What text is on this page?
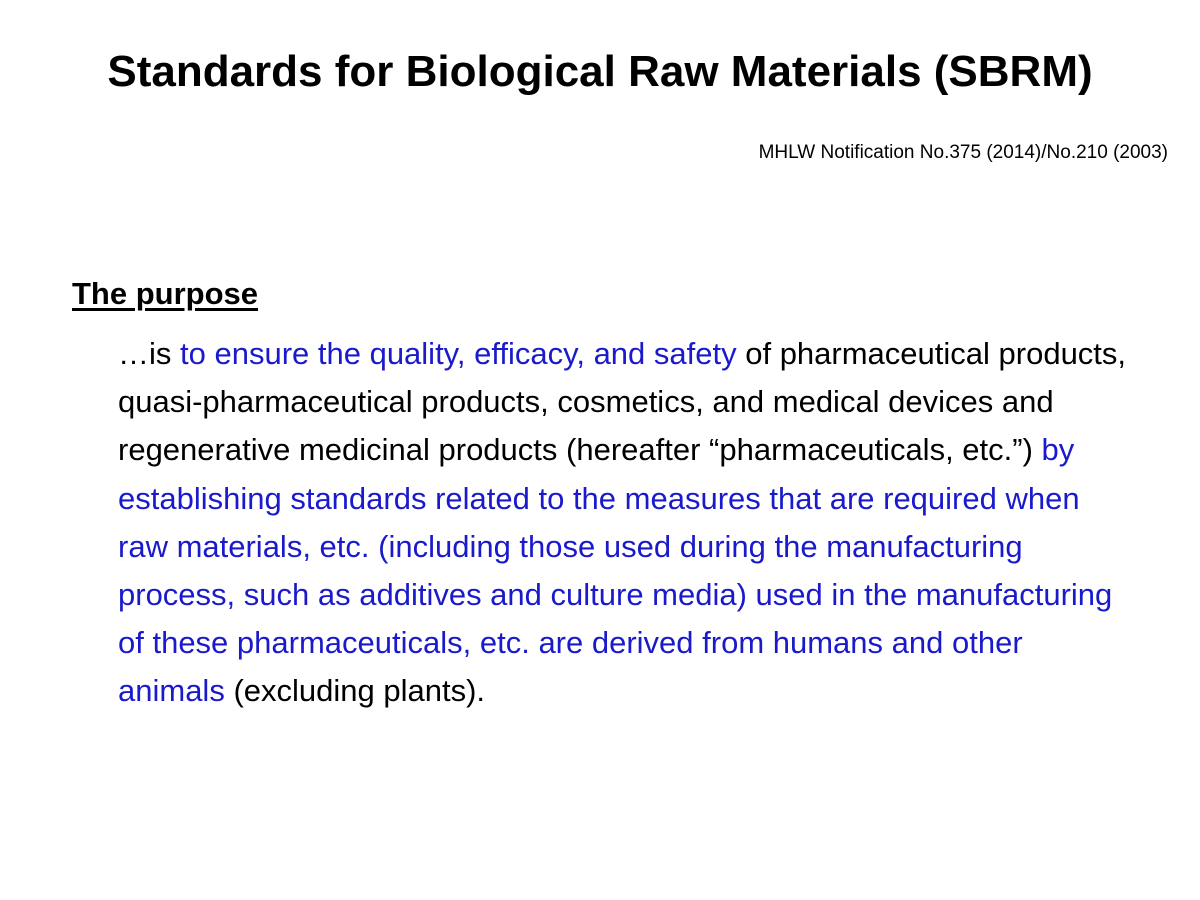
Standards for Biological Raw Materials (SBRM)

MHLW Notification No.375 (2014)/No.210 (2003)

The purpose

…is to ensure the quality, efficacy, and safety of pharmaceutical products, quasi-pharmaceutical products, cosmetics, and medical devices and regenerative medicinal products (hereafter “pharmaceuticals, etc.”) by establishing standards related to the measures that are required when raw materials, etc. (including those used during the manufacturing process, such as additives and culture media) used in the manufacturing of these pharmaceuticals, etc. are derived from humans and other animals (excluding plants).
